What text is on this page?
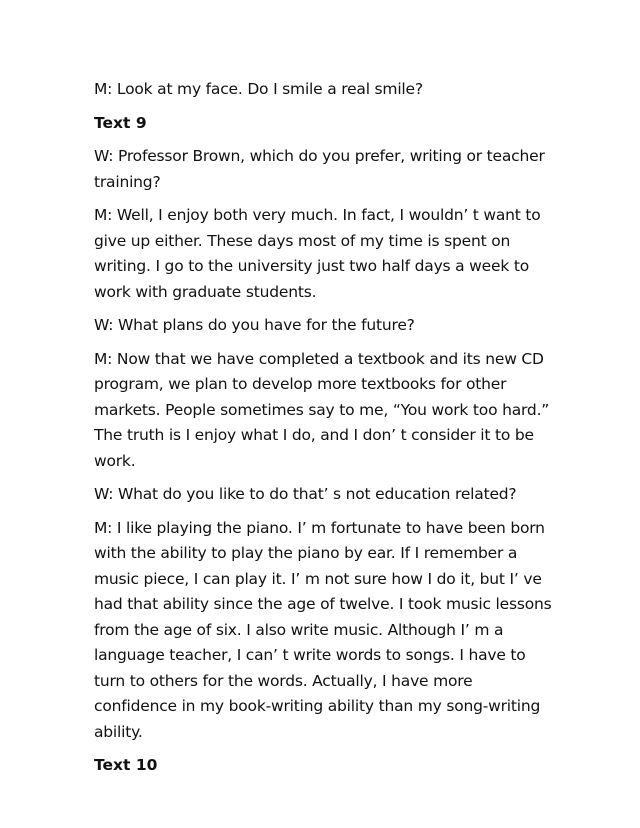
M: Look at my face. Do I smile a real smile?

Text 9

W: Professor Brown, which do you prefer, writing or teacher training?

M: Well, I enjoy both very much. In fact, I wouldn’ t want to give up either. These days most of my time is spent on writing. I go to the university just two half days a week to work with graduate students.

W: What plans do you have for the future?

M: Now that we have completed a textbook and its new CD program, we plan to develop more textbooks for other markets. People sometimes say to me, “You work too hard.” The truth is I enjoy what I do, and I don’ t consider it to be work.

W: What do you like to do that’ s not education related?

M: I like playing the piano. I’ m fortunate to have been born with the ability to play the piano by ear. If I remember a music piece, I can play it. I’ m not sure how I do it, but I’ ve had that ability since the age of twelve. I took music lessons from the age of six. I also write music. Although I’ m a language teacher, I can’ t write words to songs. I have to turn to others for the words. Actually, I have more confidence in my book-writing ability than my song-writing ability.

Text 10
